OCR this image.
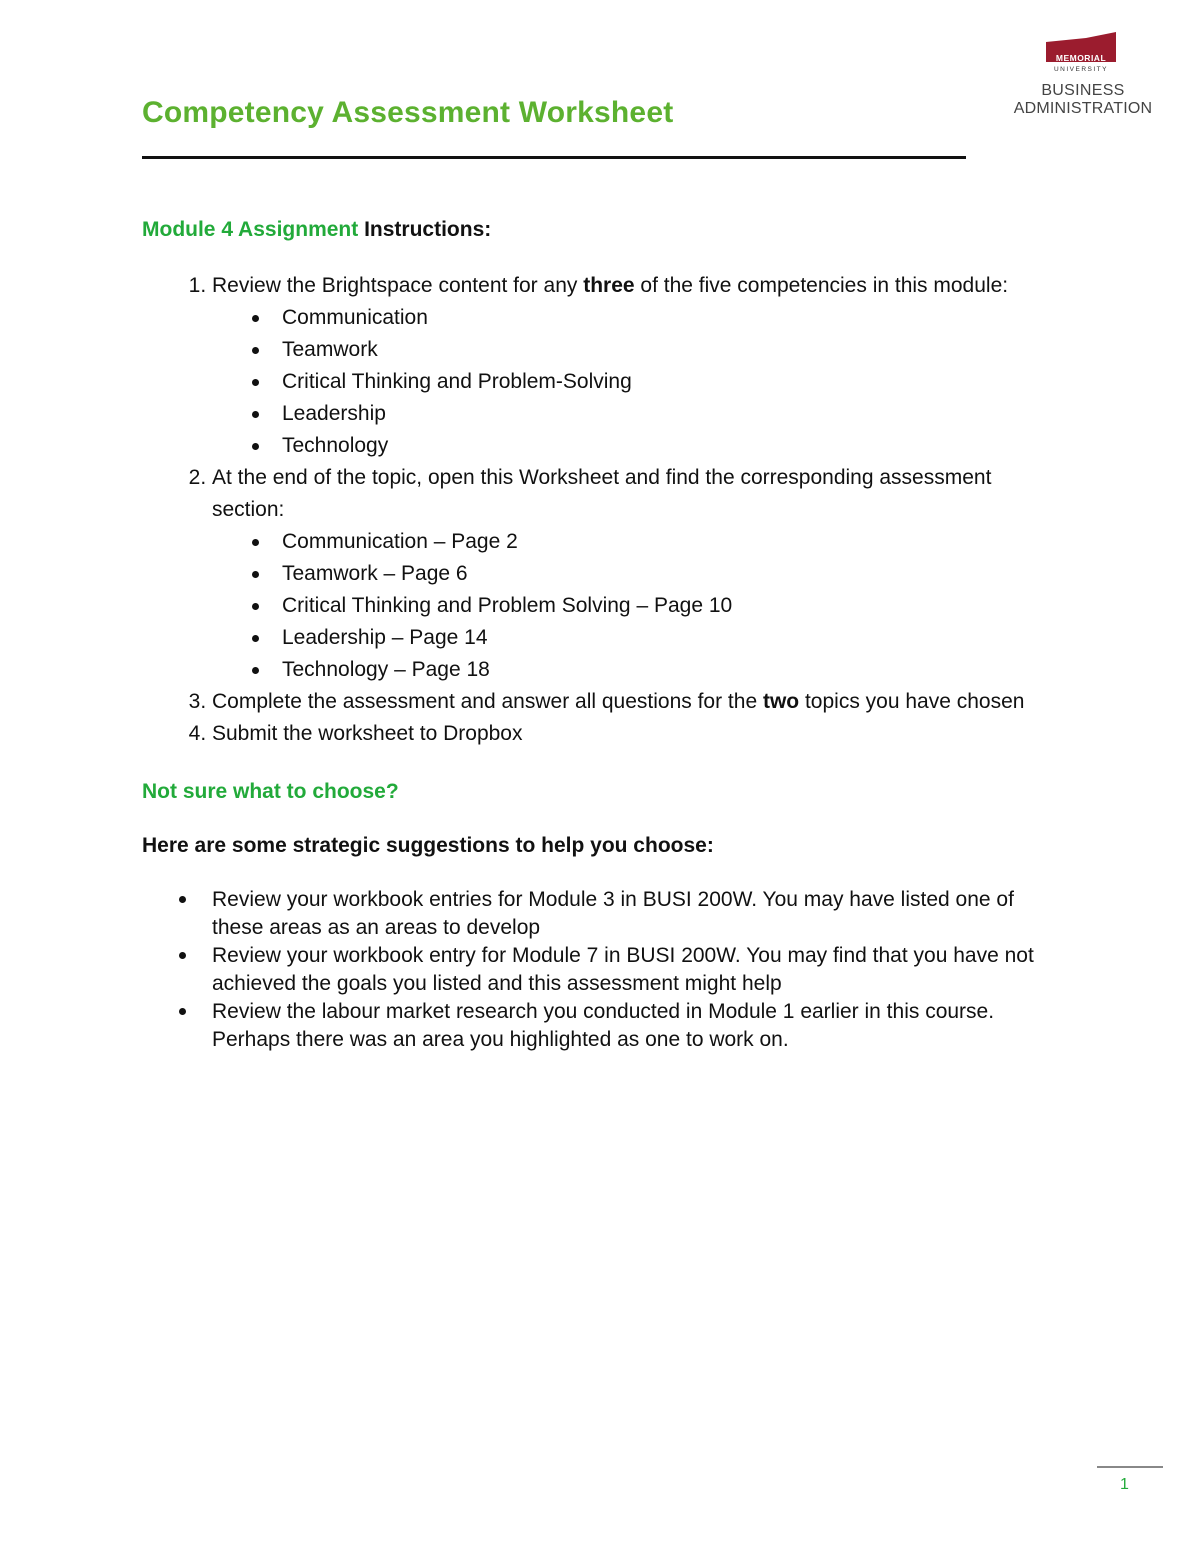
Competency Assessment Worksheet
MEMORIAL
UNIVERSITY
BUSINESS
ADMINISTRATION

Module 4 Assignment Instructions:

1. Review the Brightspace content for any three of the five competencies in this module:
Communication
Teamwork
Critical Thinking and Problem-Solving
Leadership
Technology
2. At the end of the topic, open this Worksheet and find the corresponding assessment section:
Communication – Page 2
Teamwork – Page 6
Critical Thinking and Problem Solving – Page 10
Leadership – Page 14
Technology – Page 18
3. Complete the assessment and answer all questions for the two topics you have chosen
4. Submit the worksheet to Dropbox

Not sure what to choose?

Here are some strategic suggestions to help you choose:

Review your workbook entries for Module 3 in BUSI 200W. You may have listed one of these areas as an areas to develop
Review your workbook entry for Module 7 in BUSI 200W. You may find that you have not achieved the goals you listed and this assessment might help
Review the labour market research you conducted in Module 1 earlier in this course. Perhaps there was an area you highlighted as one to work on.
1
